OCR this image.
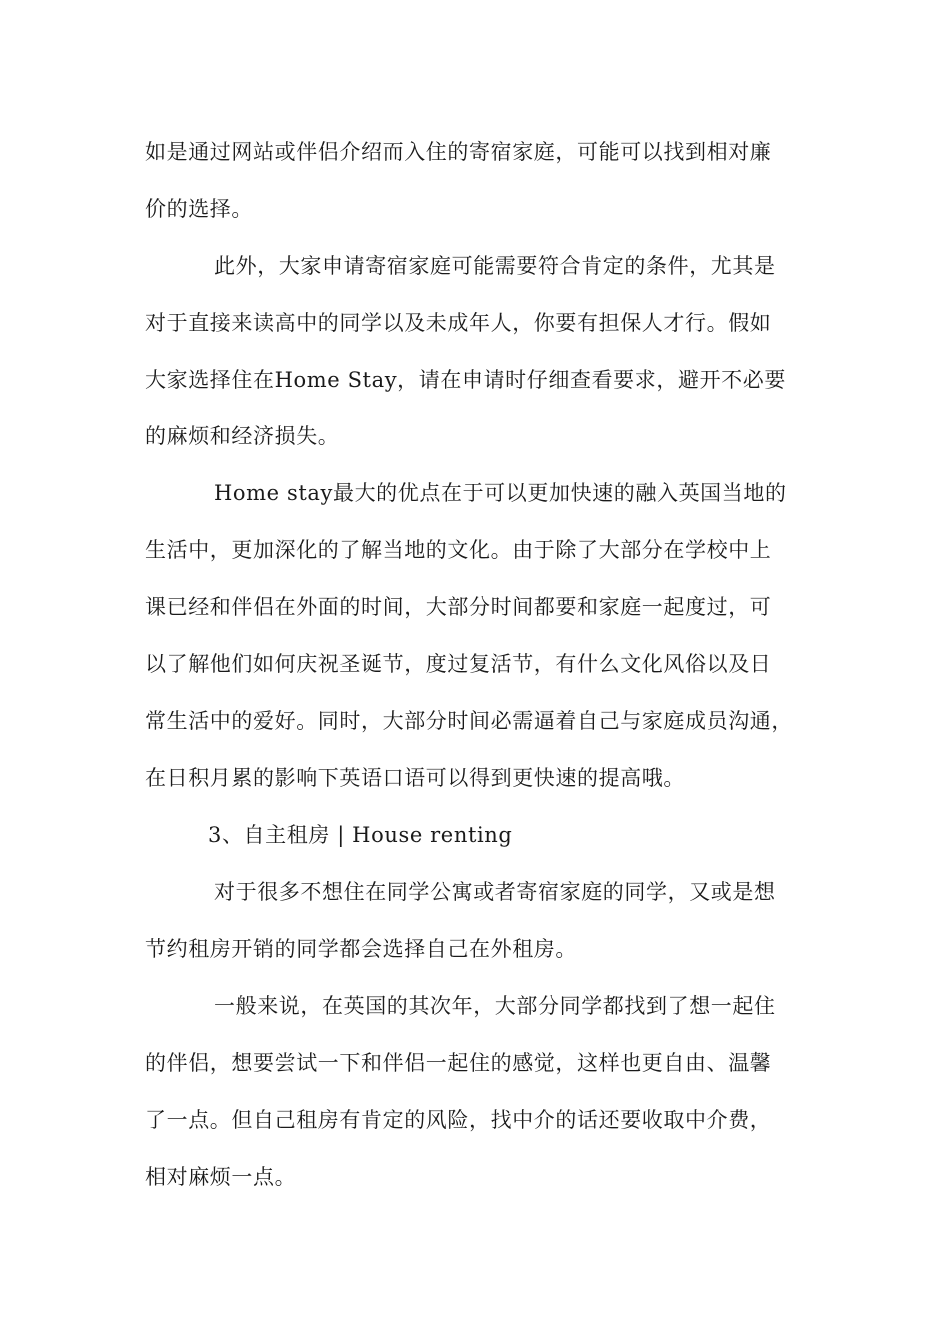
如是通过网站或伴侣介绍而入住的寄宿家庭，可能可以找到相对廉
价的选择。
此外，大家申请寄宿家庭可能需要符合肯定的条件，尤其是
对于直接来读高中的同学以及未成年人，你要有担保人才行。假如
大家选择住在Home Stay，请在申请时仔细查看要求，避开不必要
的麻烦和经济损失。
Home stay最大的优点在于可以更加快速的融入英国当地的
生活中，更加深化的了解当地的文化。由于除了大部分在学校中上
课已经和伴侣在外面的时间，大部分时间都要和家庭一起度过，可
以了解他们如何庆祝圣诞节，度过复活节，有什么文化风俗以及日
常生活中的爱好。同时，大部分时间必需逼着自己与家庭成员沟通，
在日积月累的影响下英语口语可以得到更快速的提高哦。
3、自主租房 | House renting
对于很多不想住在同学公寓或者寄宿家庭的同学，又或是想
节约租房开销的同学都会选择自己在外租房。
一般来说，在英国的其次年，大部分同学都找到了想一起住
的伴侣，想要尝试一下和伴侣一起住的感觉，这样也更自由、温馨
了一点。但自己租房有肯定的风险，找中介的话还要收取中介费，
相对麻烦一点。
